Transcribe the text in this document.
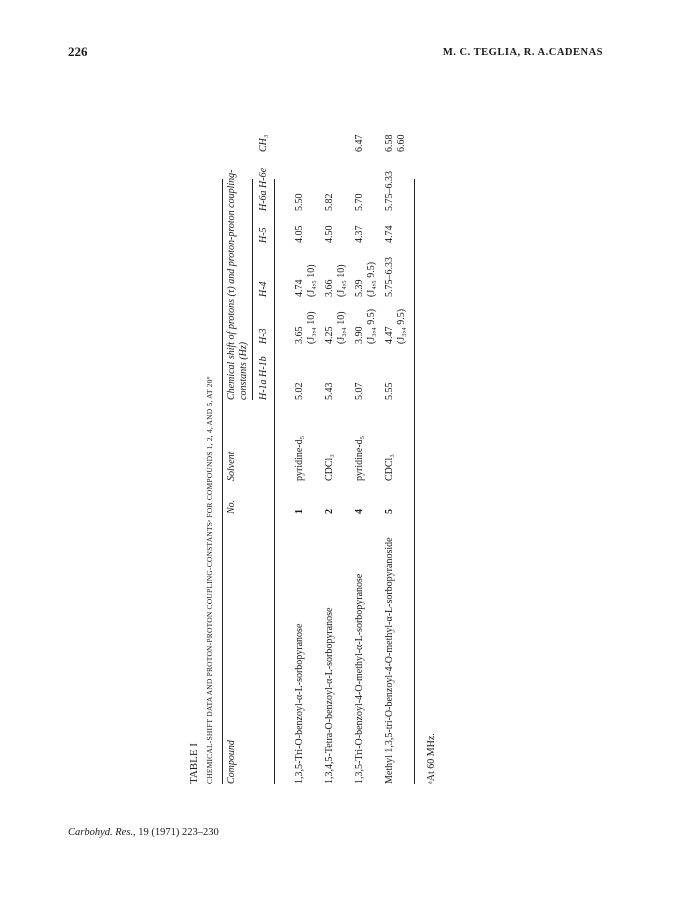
226	M. C. TEGLIA, R. A.CADENAS
Carbohyd. Res., 19 (1971) 223–230
TABLE I CHEMICAL-SHIFT DATA AND PROTON-PROTON COUPLING-CONSTANTSᵃ FOR COMPOUNDS 1, 2, 4, AND 5, AT 20° Compound
No.
Solvent
Chemical shift of protons (τ) and proton-proton coupling- constants (Hz) H-1a H-1b
H-3
H-4
H-5
H-6a H-6e
CH₃
1,3,5-Tri-O-benzoyl-α-L-sorbopyranose
1
pyridine-d₅
5.02
3.65 (J₃,₄ 10)
4.74 (J₄,₅ 10)
4.05
5.50
1,3,4,5-Tetra-O-benzoyl-α-L-sorbopyranose
2
CDCl₃
5.43
4.25 (J₃,₄ 10)
3.66 (J₄,₅ 10)
4.50
5.82
1,3,5-Tri-O-benzoyl-4-O-methyl-α-L-sorbopyranose
4
pyridine-d₅
5.07
3.90 (J₃,₄ 9.5)
5.39 (J₄,₅ 9.5)
4.37
5.70
6.47
Methyl 1,3,5-tri-O-benzoyl-4-O-methyl-α-L-sorbopyranoside
5
CDCl₃
5.55
4.47 (J₃,₄ 9.5)
5.75–6.33
4.74
5.75–6.33
6.58 6.60
ᵃAt 60 MHz.
